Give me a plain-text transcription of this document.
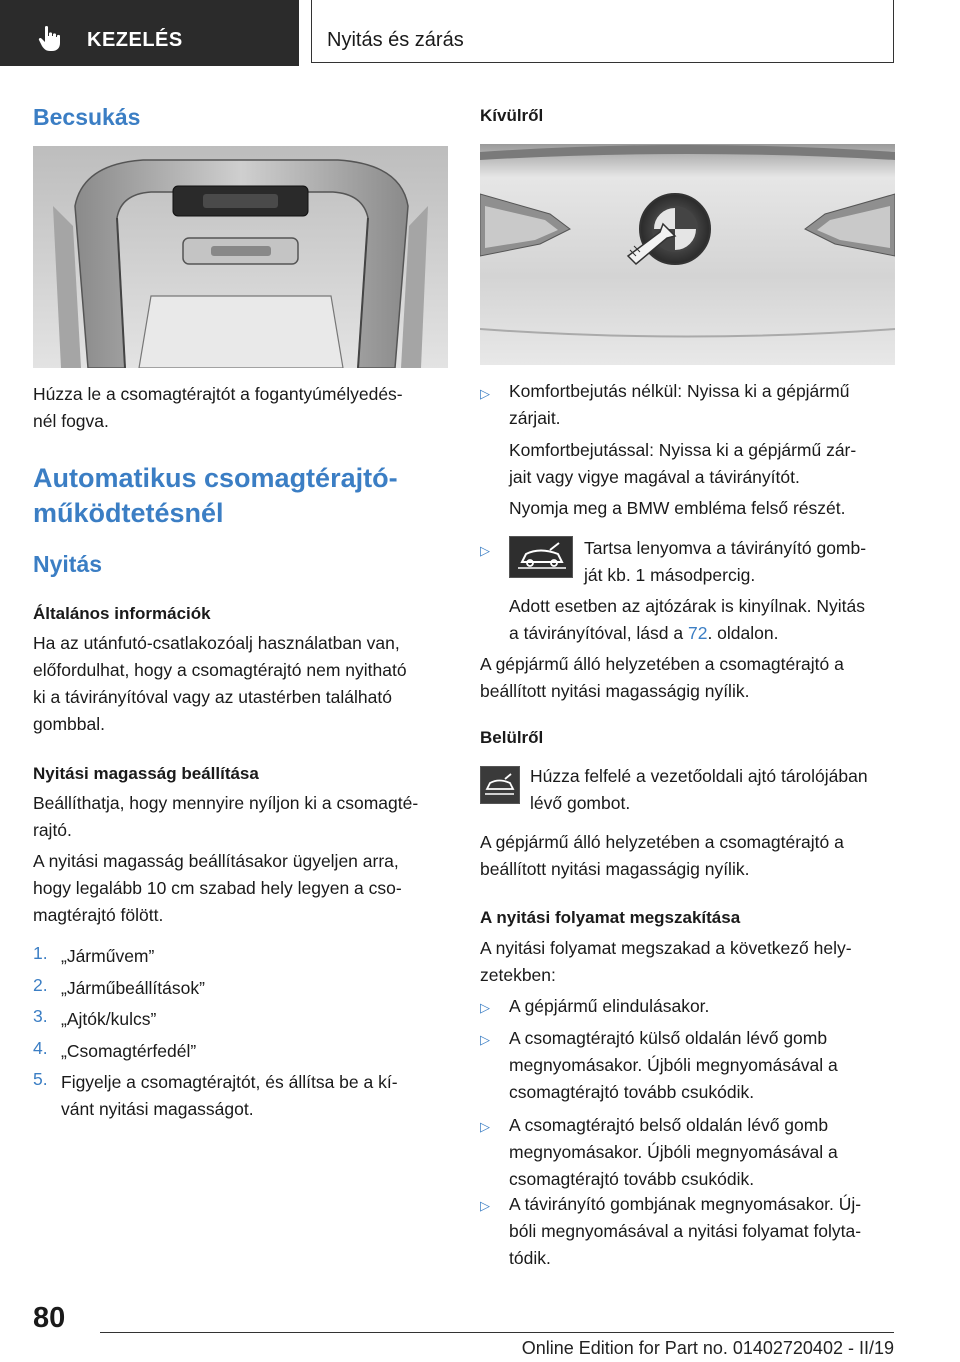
KEZELÉS	Nyitás és zárás
Becsukás

Húzza le a csomagtérajtót a fogantyúmélyedés-

nél fogva.

Automatikus csomagtérajtó-
működtetésnél
Nyitás
Általános információk

Ha az utánfutó-csatlakozóalj használatban van,

előfordulhat, hogy a csomagtérajtó nem nyitható

ki a távirányítóval vagy az utastérben található

gombbal.

Nyitási magasság beállítása

Beállíthatja, hogy mennyire nyíljon ki a csomagté-

rajtó.

A nyitási magasság beállításakor ügyeljen arra,

hogy legalább 10 cm szabad hely legyen a cso-

magtérajtó fölött.

1. „Járművem”

2. „Járműbeállítások”

3. „Ajtók/kulcs”

4. „Csomagtérfedél”

5. Figyelje a csomagtérajtót, és állítsa be a kí-

vánt nyitási magasságot.

Kívülről
▷ Komfortbejutás nélkül: Nyissa ki a gépjármű

zárjait.

Komfortbejutással: Nyissa ki a gépjármű zár-

jait vagy vigye magával a távirányítót.

Nyomja meg a BMW embléma felső részét.

▷	Tartsa lenyomva a távirányító gomb-

ját kb. 1 másodpercig.

Adott esetben az ajtózárak is kinyílnak. Nyitás

a távirányítóval, lásd a 72. oldalon.

A gépjármű álló helyzetében a csomagtérajtó a

beállított nyitási magasságig nyílik.

Belülről

Húzza felfelé a vezetőoldali ajtó tárolójában

lévő gombot.

A gépjármű álló helyzetében a csomagtérajtó a

beállított nyitási magasságig nyílik.

A nyitási folyamat megszakítása

A nyitási folyamat megszakad a következő hely-

zetekben:

▷ A gépjármű elindulásakor.

▷ A csomagtérajtó külső oldalán lévő gomb

megnyomásakor. Újbóli megnyomásával a

csomagtérajtó tovább csukódik.

▷ A csomagtérajtó belső oldalán lévő gomb

megnyomásakor. Újbóli megnyomásával a

csomagtérajtó tovább csukódik.

▷ A távirányító gombjának megnyomásakor. Új-

bóli megnyomásával a nyitási folyamat folyta-

tódik.

80
Online Edition for Part no. 01402720402 - II/19
